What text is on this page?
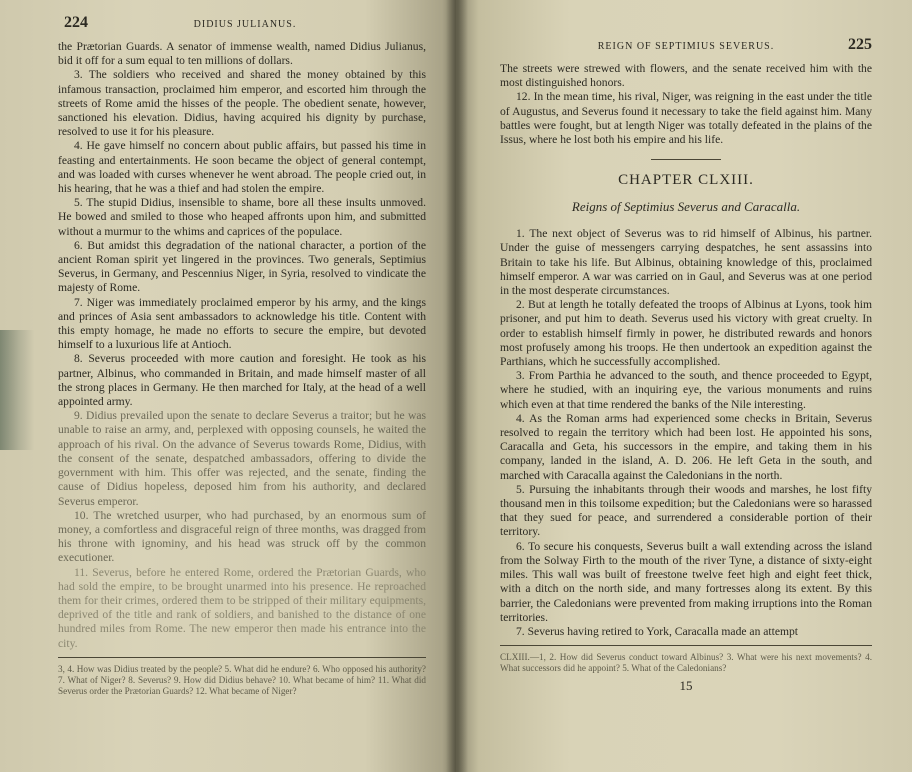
224	DIDIUS JULIANUS.

the Prætorian Guards. A senator of immense wealth, named Didius Julianus, bid it off for a sum equal to ten millions of dollars.

3. The soldiers who received and shared the money obtained by this infamous transaction, proclaimed him emperor, and escorted him through the streets of Rome amid the hisses of the people. The obedient senate, however, sanctioned his elevation. Didius, having acquired his dignity by purchase, resolved to use it for his pleasure.

4. He gave himself no concern about public affairs, but passed his time in feasting and entertainments. He soon became the object of general contempt, and was loaded with curses whenever he went abroad. The people cried out, in his hearing, that he was a thief and had stolen the empire.

5. The stupid Didius, insensible to shame, bore all these insults unmoved. He bowed and smiled to those who heaped affronts upon him, and submitted without a murmur to the whims and caprices of the populace.

6. But amidst this degradation of the national character, a portion of the ancient Roman spirit yet lingered in the provinces. Two generals, Septimius Severus, in Germany, and Pescennius Niger, in Syria, resolved to vindicate the majesty of Rome.

7. Niger was immediately proclaimed emperor by his army, and the kings and princes of Asia sent ambassadors to acknowledge his title. Content with this empty homage, he made no efforts to secure the empire, but devoted himself to a luxurious life at Antioch.

8. Severus proceeded with more caution and foresight. He took as his partner, Albinus, who commanded in Britain, and made himself master of all the strong places in Germany. He then marched for Italy, at the head of a well appointed army.

9. Didius prevailed upon the senate to declare Severus a traitor; but he was unable to raise an army, and, perplexed with opposing counsels, he waited the approach of his rival. On the advance of Severus towards Rome, Didius, with the consent of the senate, despatched ambassadors, offering to divide the government with him. This offer was rejected, and the senate, finding the cause of Didius hopeless, deposed him from his authority, and declared Severus emperor.

10. The wretched usurper, who had purchased, by an enormous sum of money, a comfortless and disgraceful reign of three months, was dragged from his throne with ignominy, and his head was struck off by the common executioner.

11. Severus, before he entered Rome, ordered the Prætorian Guards, who had sold the empire, to be brought unarmed into his presence. He reproached them for their crimes, ordered them to be stripped of their military equipments, deprived of the title and rank of soldiers, and banished to the distance of one hundred miles from Rome. The new emperor then made his entrance into the city.

3, 4. How was Didius treated by the people? 5. What did he endure? 6. Who opposed his authority? 7. What of Niger? 8. Severus? 9. How did Didius behave? 10. What became of him? 11. What did Severus order the Prætorian Guards? 12. What became of Niger?
REIGN OF SEPTIMIUS SEVERUS.	225

The streets were strewed with flowers, and the senate received him with the most distinguished honors.

12. In the mean time, his rival, Niger, was reigning in the east under the title of Augustus, and Severus found it necessary to take the field against him. Many battles were fought, but at length Niger was totally defeated in the plains of the Issus, where he lost both his empire and his life.

CHAPTER CLXIII.
Reigns of Septimius Severus and Caracalla.

1. The next object of Severus was to rid himself of Albinus, his partner. Under the guise of messengers carrying despatches, he sent assassins into Britain to take his life. But Albinus, obtaining knowledge of this, proclaimed himself emperor. A war was carried on in Gaul, and Severus was at one period in the most desperate circumstances.

2. But at length he totally defeated the troops of Albinus at Lyons, took him prisoner, and put him to death. Severus used his victory with great cruelty. In order to establish himself firmly in power, he distributed rewards and honors most profusely among his troops. He then undertook an expedition against the Parthians, which he successfully accomplished.

3. From Parthia he advanced to the south, and thence proceeded to Egypt, where he studied, with an inquiring eye, the various monuments and ruins which even at that time rendered the banks of the Nile interesting.

4. As the Roman arms had experienced some checks in Britain, Severus resolved to regain the territory which had been lost. He appointed his sons, Caracalla and Geta, his successors in the empire, and taking them in his company, landed in the island, A. D. 206. He left Geta in the south, and marched with Caracalla against the Caledonians in the north.

5. Pursuing the inhabitants through their woods and marshes, he lost fifty thousand men in this toilsome expedition; but the Caledonians were so harassed that they sued for peace, and surrendered a considerable portion of their territory.

6. To secure his conquests, Severus built a wall extending across the island from the Solway Firth to the mouth of the river Tyne, a distance of sixty-eight miles. This wall was built of freestone twelve feet high and eight feet thick, with a ditch on the north side, and many fortresses along its extent. By this barrier, the Caledonians were prevented from making irruptions into the Roman territories.

7. Severus having retired to York, Caracalla made an attempt

CLXIII.—1, 2. How did Severus conduct toward Albinus? 3. What were his next movements? 4. What successors did he appoint? 5. What of the Caledonians?
15
